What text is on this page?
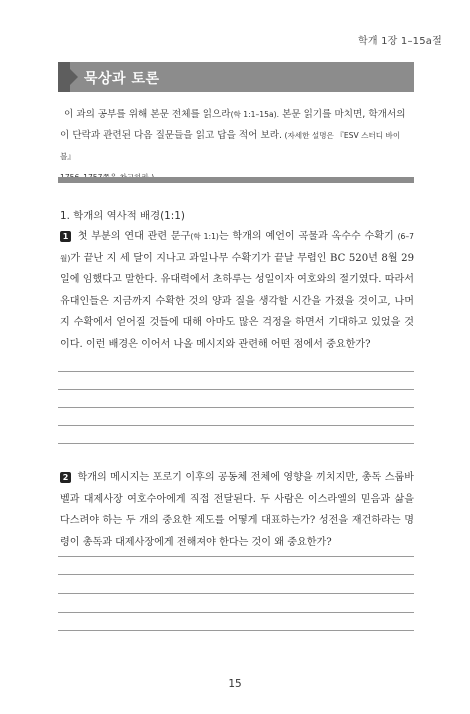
학개 1장 1–15a절
묵상과 토론
이 과의 공부를 위해 본문 전체를 읽으라(학 1:1–15a). 본문 읽기를 마치면, 학개서의
이 단락과 관련된 다음 질문들을 읽고 답을 적어 보라. (자세한 설명은 『ESV 스터디 바이블』

1. 학개의 역사적 배경(1:1)
1 첫 부분의 연대 관련 문구(학 1:1)는 학개의 예언이 곡물과 옥수수 수확기 (6–7월)가 끝난 지 세 달이 지나고 과일나무 수확기가 끝날 무렵인 BC 520년 8월 29일에 임했다고 말한다. 유대력에서 초하루는 성일이자 여호와의 절기였다. 따라서 유대인들은 지금까지 수확한 것의 양과 질을 생각할 시간을 가졌을 것이고, 나머지 수확에서 얻어질 것들에 대해 아마도 많은 걱정을 하면서 기대하고 있었을 것이다. 이런 배경은 이어서 나올 메시지와 관련해 어떤 점에서 중요한가?
2 학개의 메시지는 포로기 이후의 공동체 전체에 영향을 끼치지만, 총독 스룹바벨과 대제사장 여호수아에게 직접 전달된다. 두 사람은 이스라엘의 믿음과 삶을 다스려야 하는 두 개의 중요한 제도를 어떻게 대표하는가? 성전을 재건하라는 명령이 총독과 대제사장에게 전해져야 한다는 것이 왜 중요한가?
15
